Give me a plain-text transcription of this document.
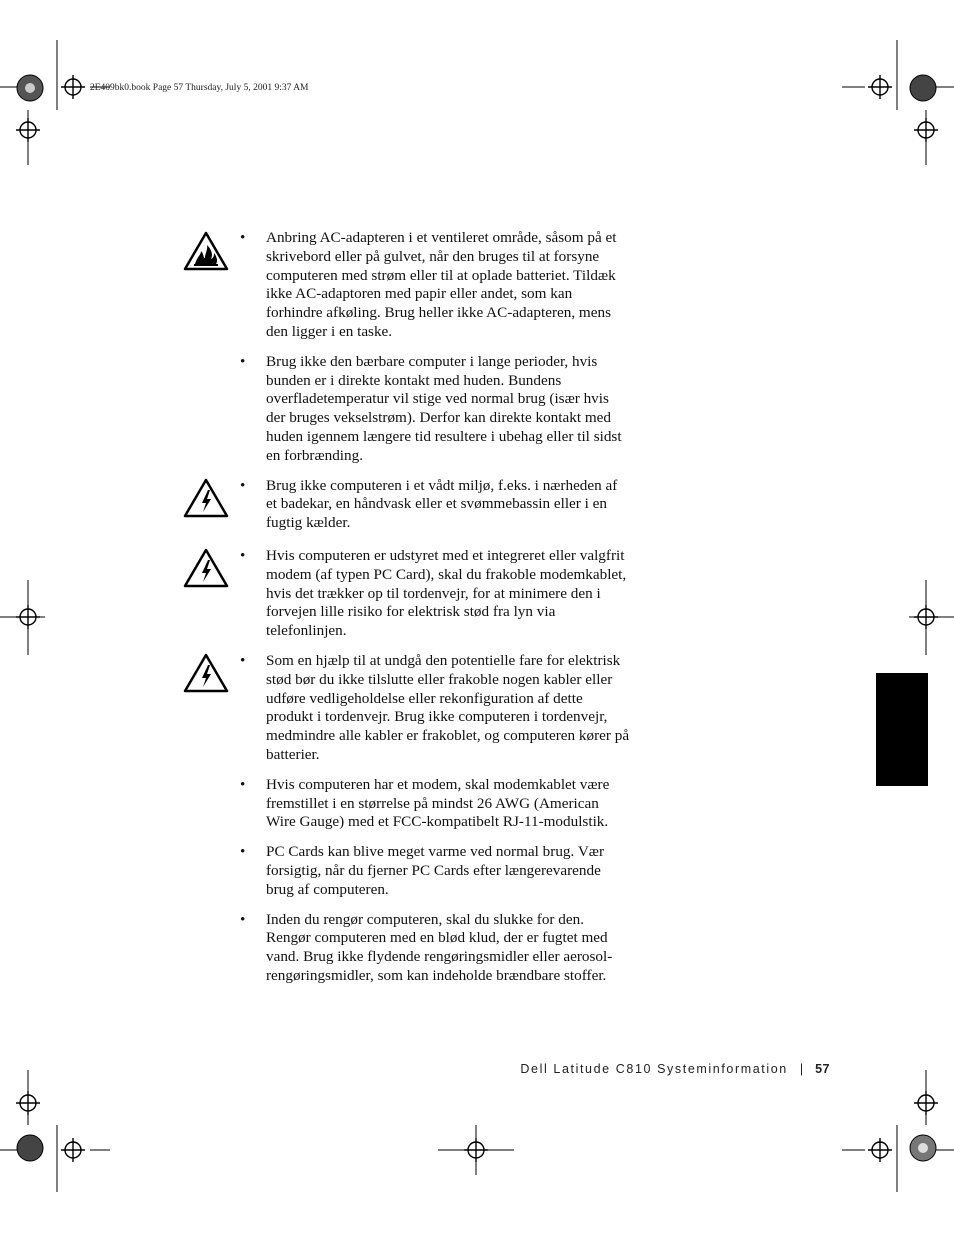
2E409bk0.book Page 57 Thursday, July 5, 2001 9:37 AM
• Anbring AC-adapteren i et ventileret område, såsom på et skrivebord eller på gulvet, når den bruges til at forsyne computeren med strøm eller til at oplade batteriet. Tildæk ikke AC-adaptoren med papir eller andet, som kan forhindre afkøling. Brug heller ikke AC-adapteren, mens den ligger i en taske.
• Brug ikke den bærbare computer i lange perioder, hvis bunden er i direkte kontakt med huden. Bundens overfladetemperatur vil stige ved normal brug (især hvis der bruges vekselstrøm). Derfor kan direkte kontakt med huden igennem længere tid resultere i ubehag eller til sidst en forbrænding.
• Brug ikke computeren i et vådt miljø, f.eks. i nærheden af et badekar, en håndvask eller et svømmebassin eller i en fugtig kælder.
• Hvis computeren er udstyret med et integreret eller valgfrit modem (af typen PC Card), skal du frakoble modemkablet, hvis det trækker op til tordenvejr, for at minimere den i forvejen lille risiko for elektrisk stød fra lyn via telefonlinjen.
• Som en hjælp til at undgå den potentielle fare for elektrisk stød bør du ikke tilslutte eller frakoble nogen kabler eller udføre vedligeholdelse eller rekonfiguration af dette produkt i tordenvejr. Brug ikke computeren i tordenvejr, medmindre alle kabler er frakoblet, og computeren kører på batterier.
• Hvis computeren har et modem, skal modemkablet være fremstillet i en størrelse på mindst 26 AWG (American Wire Gauge) med et FCC-kompatibelt RJ-11-modulstik.
• PC Cards kan blive meget varme ved normal brug. Vær forsigtig, når du fjerner PC Cards efter længerevarende brug af computeren.
• Inden du rengør computeren, skal du slukke for den. Rengør computeren med en blød klud, der er fugtet med vand. Brug ikke flydende rengøringsmidler eller aerosol-rengøringsmidler, som kan indeholde brændbare stoffer.
Dell Latitude C810 Systeminformation | 57
